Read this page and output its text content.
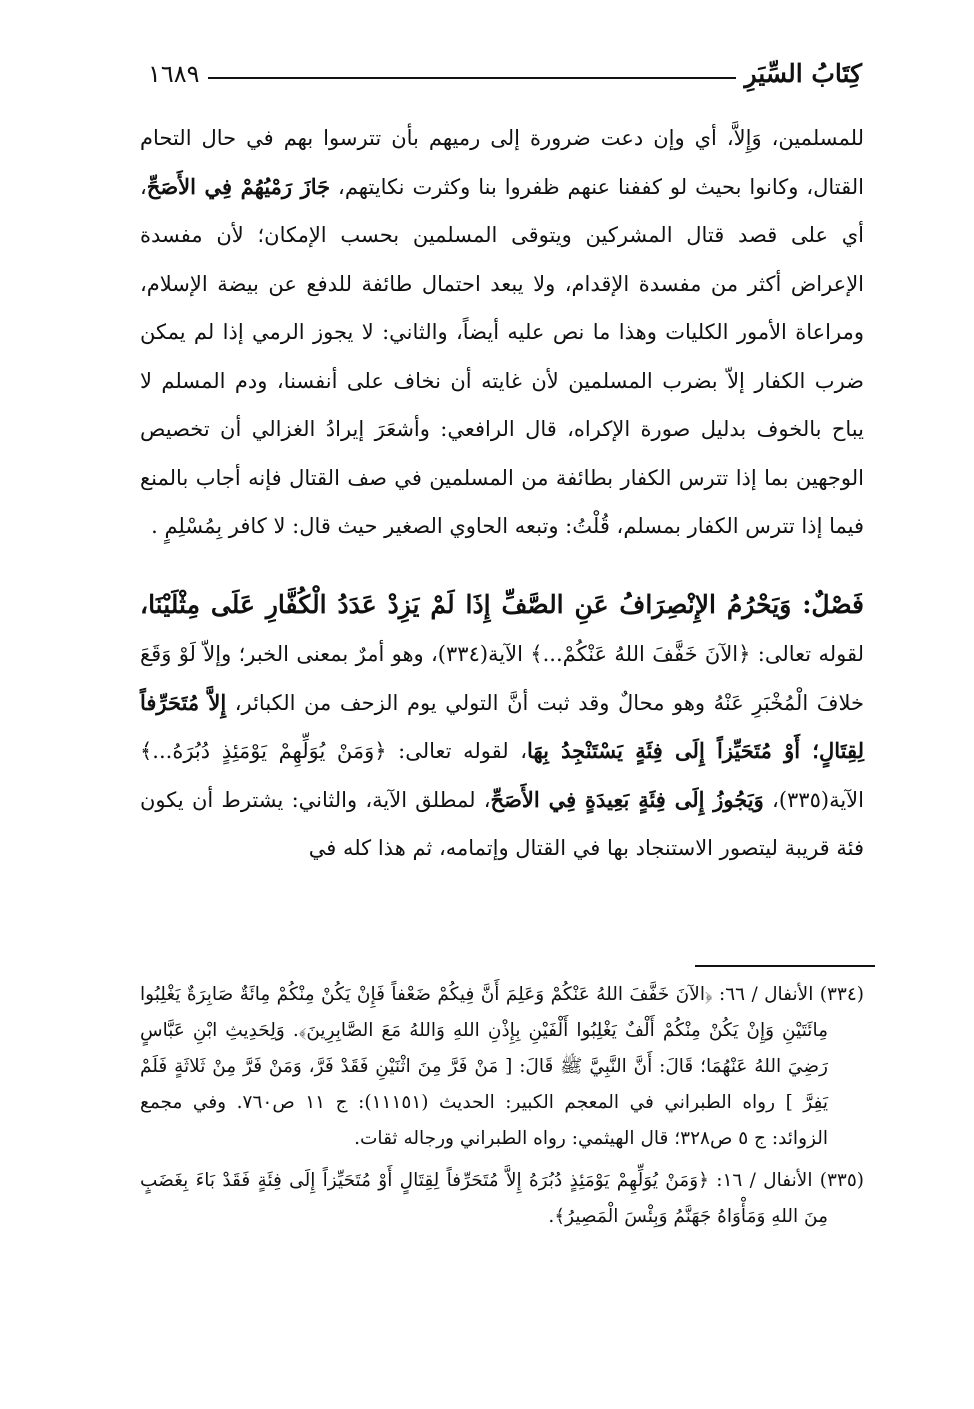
كِتَابُ السِّيَرِ
١٦٨٩

للمسلمين، وَإِلاَّ، أي وإن دعت ضرورة إلى رميهم بأن تترسوا بهم في حال التحام القتال، وكانوا بحيث لو كففنا عنهم ظفروا بنا وكثرت نكايتهم، جَازَ رَمْيُهُمْ فِي الأَصَحِّ، أي على قصد قتال المشركين ويتوقى المسلمين بحسب الإمكان؛ لأن مفسدة الإعراض أكثر من مفسدة الإقدام، ولا يبعد احتمال طائفة للدفع عن بيضة الإسلام، ومراعاة الأمور الكليات وهذا ما نص عليه أيضاً، والثاني: لا يجوز الرمي إذا لم يمكن ضرب الكفار إلاّ بضرب المسلمين لأن غايته أن نخاف على أنفسنا، ودم المسلم لا يباح بالخوف بدليل صورة الإكراه، قال الرافعي: وأشعَرَ إيرادُ الغزالي أن تخصيص الوجهين بما إذا تترس الكفار بطائفة من المسلمين في صف القتال فإنه أجاب بالمنع فيما إذا تترس الكفار بمسلم، قُلْتُ: وتبعه الحاوي الصغير حيث قال: لا كافر بِمُسْلِمٍ .

فَصْلٌ: وَيَحْرُمُ الإِنْصِرَافُ عَنِ الصَّفِّ إِذَا لَمْ يَزِدْ عَدَدُ الْكُفَّارِ عَلَى مِثْلَيْنَا، لقوله تعالى: ﴿الآنَ خَفَّفَ اللهُ عَنْكُمْ...﴾ الآية(٣٣٤)، وهو أمرٌ بمعنى الخبر؛ وإلاّ لَوْ وَقَعَ خلافَ الْمُخْبَرِ عَنْهُ وهو محالٌ وقد ثبت أنَّ التولي يوم الزحف من الكبائر، إِلاَّ مُتَحَرِّفاً لِقِتَالٍ؛ أَوْ مُتَحَيِّزاً إِلَى فِئَةٍ يَسْتَنْجِدُ بِهَا، لقوله تعالى: ﴿وَمَنْ يُوَلِّهِمْ يَوْمَئِذٍ دُبُرَهُ...﴾ الآية(٣٣٥)، وَيَجُوزُ إِلَى فِئَةٍ بَعِيدَةٍ فِي الأَصَحِّ، لمطلق الآية، والثاني: يشترط أن يكون فئة قريبة ليتصور الاستنجاد بها في القتال وإتمامه، ثم هذا كله في

(٣٣٤) الأنفال / ٦٦: ﴿الآنَ خَفَّفَ اللهُ عَنْكُمْ وَعَلِمَ أَنَّ فِيكُمْ ضَعْفاً فَإِنْ يَكُنْ مِنْكُمْ مِائَةٌ صَابِرَةٌ يَغْلِبُوا مِائَتَيْنِ وَإِنْ يَكُنْ مِنْكُمْ أَلْفٌ يَغْلِبُوا أَلْفَيْنِ بِإِذْنِ اللهِ وَاللهُ مَعَ الصَّابِرِينَ﴾. وَلِحَدِيثِ ابْنِ عَبَّاسٍ رَضِيَ اللهُ عَنْهُمَا؛ قَالَ: أَنَّ النَّبِيَّ ﷺ قَالَ: [ مَنْ فَرَّ مِنَ اثْنَيْنِ فَقَدْ فَرَّ، وَمَنْ فَرَّ مِنْ ثَلاثَةٍ فَلَمْ يَفِرَّ ] رواه الطبراني في المعجم الكبير: الحديث (١١١٥١): ج ١١ ص٧٦٠. وفي مجمع الزوائد: ج ٥ ص٣٢٨؛ قال الهيثمي: رواه الطبراني ورجاله ثقات.

(٣٣٥) الأنفال / ١٦: ﴿وَمَنْ يُوَلِّهِمْ يَوْمَئِذٍ دُبُرَهُ إِلاَّ مُتَحَرِّفاً لِقِتَالٍ أَوْ مُتَحَيِّزاً إِلَى فِئَةٍ فَقَدْ بَاءَ بِغَضَبٍ مِنَ اللهِ وَمَأْوَاهُ جَهَنَّمُ وَبِئْسَ الْمَصِيرُ﴾.
